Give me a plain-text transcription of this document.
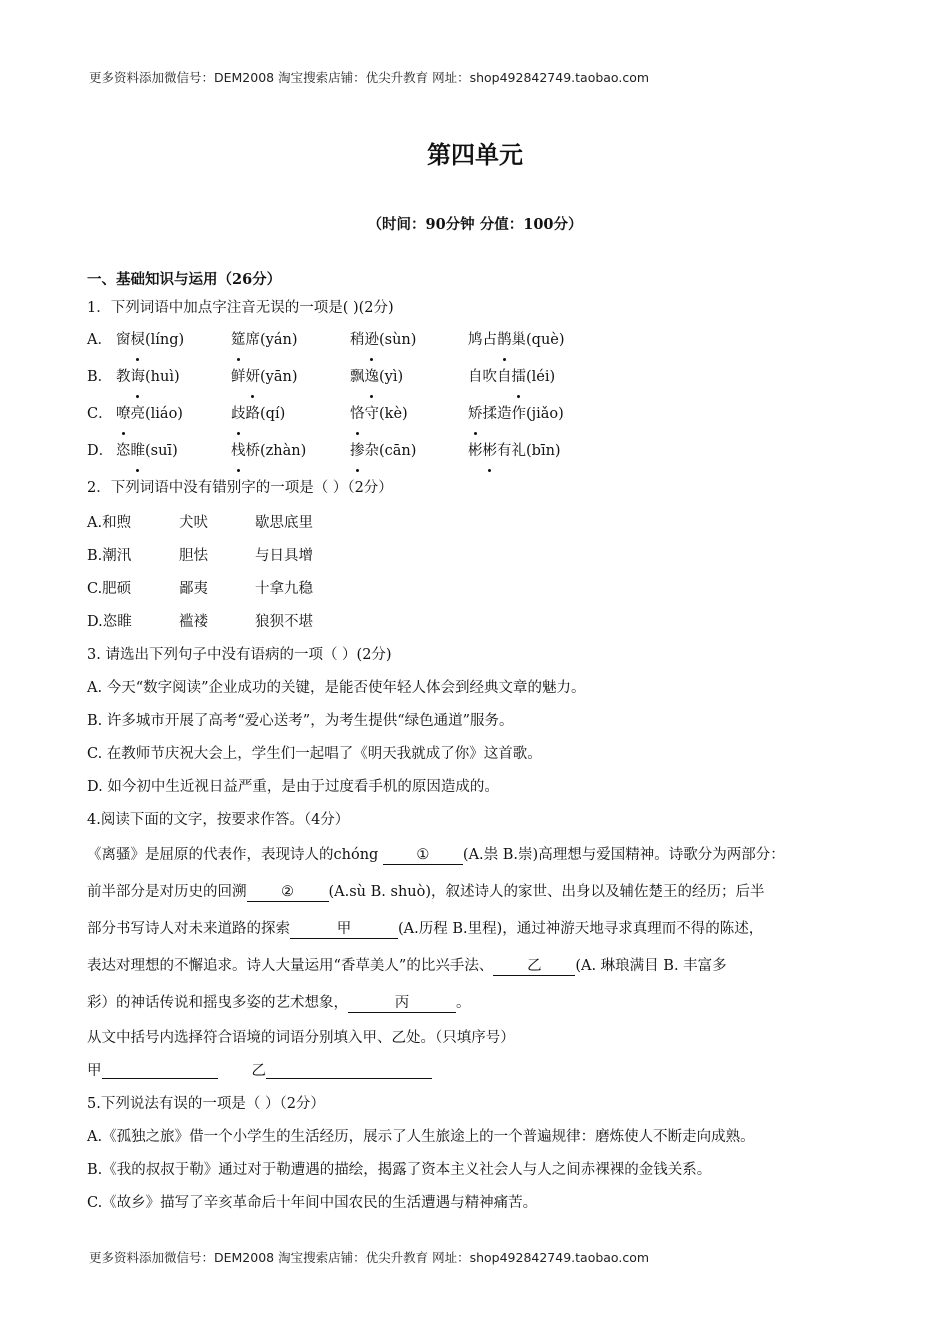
更多资料添加微信号：DEM2008 淘宝搜索店铺：优尖升教育 网址：shop492842749.taobao.com
第四单元
（时间：90分钟 分值：100分）
一、基础知识与运用（26分）
1．下列词语中加点字注音无误的一项是( )(2分)
A． 窗棂(líng)	筵席(yán)	稍逊(sùn)	鸠占鹊巢(què)
B． 教诲(huì)	鲜妍(yān)	飘逸(yì)	自吹自擂(léi)
C． 嘹亮(liáo)	歧路(qí)	恪守(kè)	矫揉造作(jiǎo)
D． 恣睢(suī)	栈桥(zhàn)	掺杂(cān)	彬彬有礼(bīn)
2．下列词语中没有错别字的一项是（ ）（2分）
A.和煦	犬吠	歇思底里
B.潮汛	胆怯	与日具增
C.肥硕	鄙夷	十拿九稳
D.恣睢	褴褛	狼狈不堪
3. 请选出下列句子中没有语病的一项（ ）(2分)
A. 今天“数字阅读”企业成功的关键，是能否使年轻人体会到经典文章的魅力。
B. 许多城市开展了高考“爱心送考”，为考生提供“绿色通道”服务。
C. 在教师节庆祝大会上，学生们一起唱了《明天我就成了你》这首歌。
D. 如今初中生近视日益严重，是由于过度看手机的原因造成的。
4.阅读下面的文字，按要求作答。（4分）
《离骚》是屈原的代表作，表现诗人的chóng ① (A.祟 B.崇)高理想与爱国精神。诗歌分为两部分：
前半部分是对历史的回溯 ② (A.sù B. shuò)，叙述诗人的家世、出身以及辅佐楚王的经历；后半
部分书写诗人对未来道路的探索	甲	(A.历程 B.里程)，通过神游天地寻求真理而不得的陈述，
表达对理想的不懈追求。诗人大量运用“香草美人”的比兴手法、 乙 (A. 琳琅满目 B. 丰富多
彩）的神话传说和摇曳多姿的艺术想象，	丙	。
从文中括号内选择符合语境的词语分别填入甲、乙处。（只填序号）
甲	乙
5.下列说法有误的一项是（ ）（2分）
A.《孤独之旅》借一个小学生的生活经历，展示了人生旅途上的一个普遍规律：磨炼使人不断走向成熟。
B.《我的叔叔于勒》通过对于勒遭遇的描绘，揭露了资本主义社会人与人之间赤裸裸的金钱关系。
C.《故乡》描写了辛亥革命后十年间中国农民的生活遭遇与精神痛苦。
更多资料添加微信号：DEM2008 淘宝搜索店铺：优尖升教育 网址：shop492842749.taobao.com
